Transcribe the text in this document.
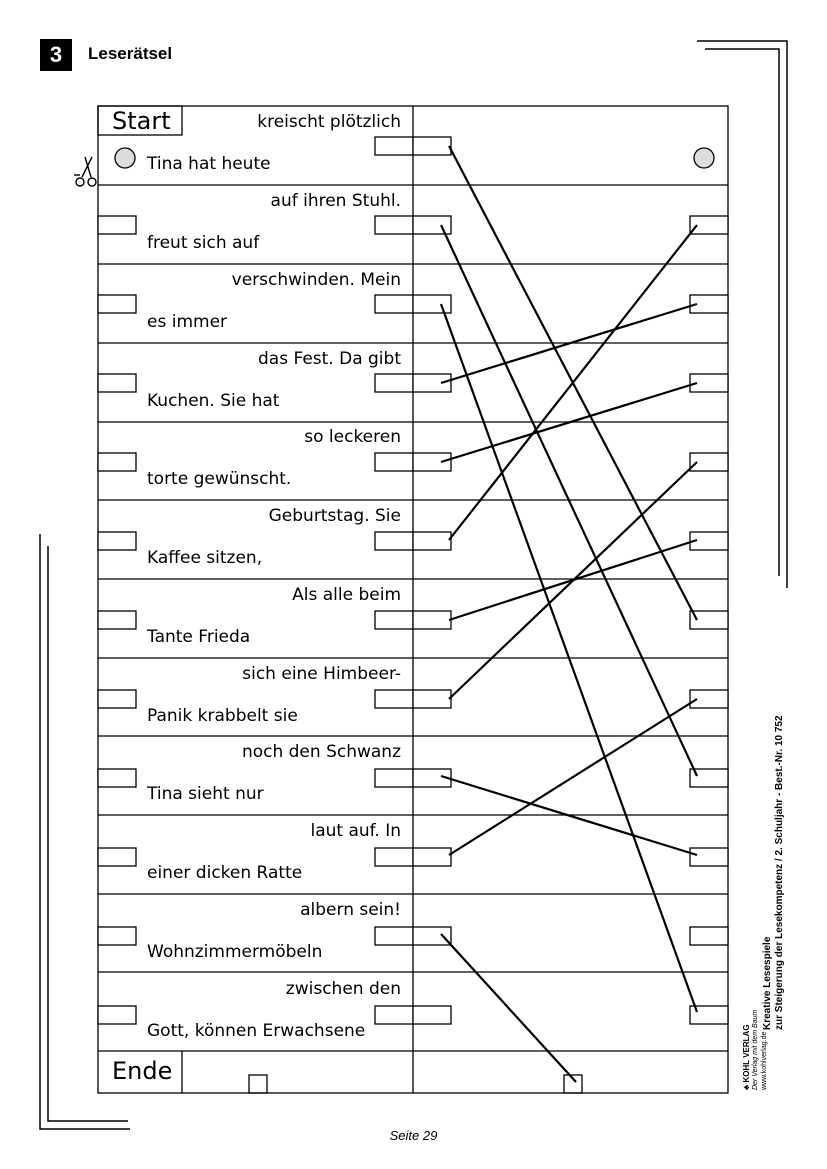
3	Leserätsel
Start
Ende
kreischt plötzlich
Tina hat heute
auf ihren Stuhl.
freut sich auf
verschwinden. Mein
es immer
das Fest. Da gibt
Kuchen. Sie hat
so leckeren
torte gewünscht.
Geburtstag. Sie
Kaffee sitzen,
Als alle beim
Tante Frieda
sich eine Himbeer-
Panik krabbelt sie
noch den Schwanz
Tina sieht nur
laut auf. In
einer dicken Ratte
albern sein!
Wohnzimmermöbeln
zwischen den
Gott, können Erwachsene
Kreative Lesespiele zur Steigerung der Lesekompetenz / 2. Schuljahr - Best.-Nr. 10 752
♣ KOHL VERLAG Der Verlag mit dem Baum www.kohlverlag.de
Seite 29
